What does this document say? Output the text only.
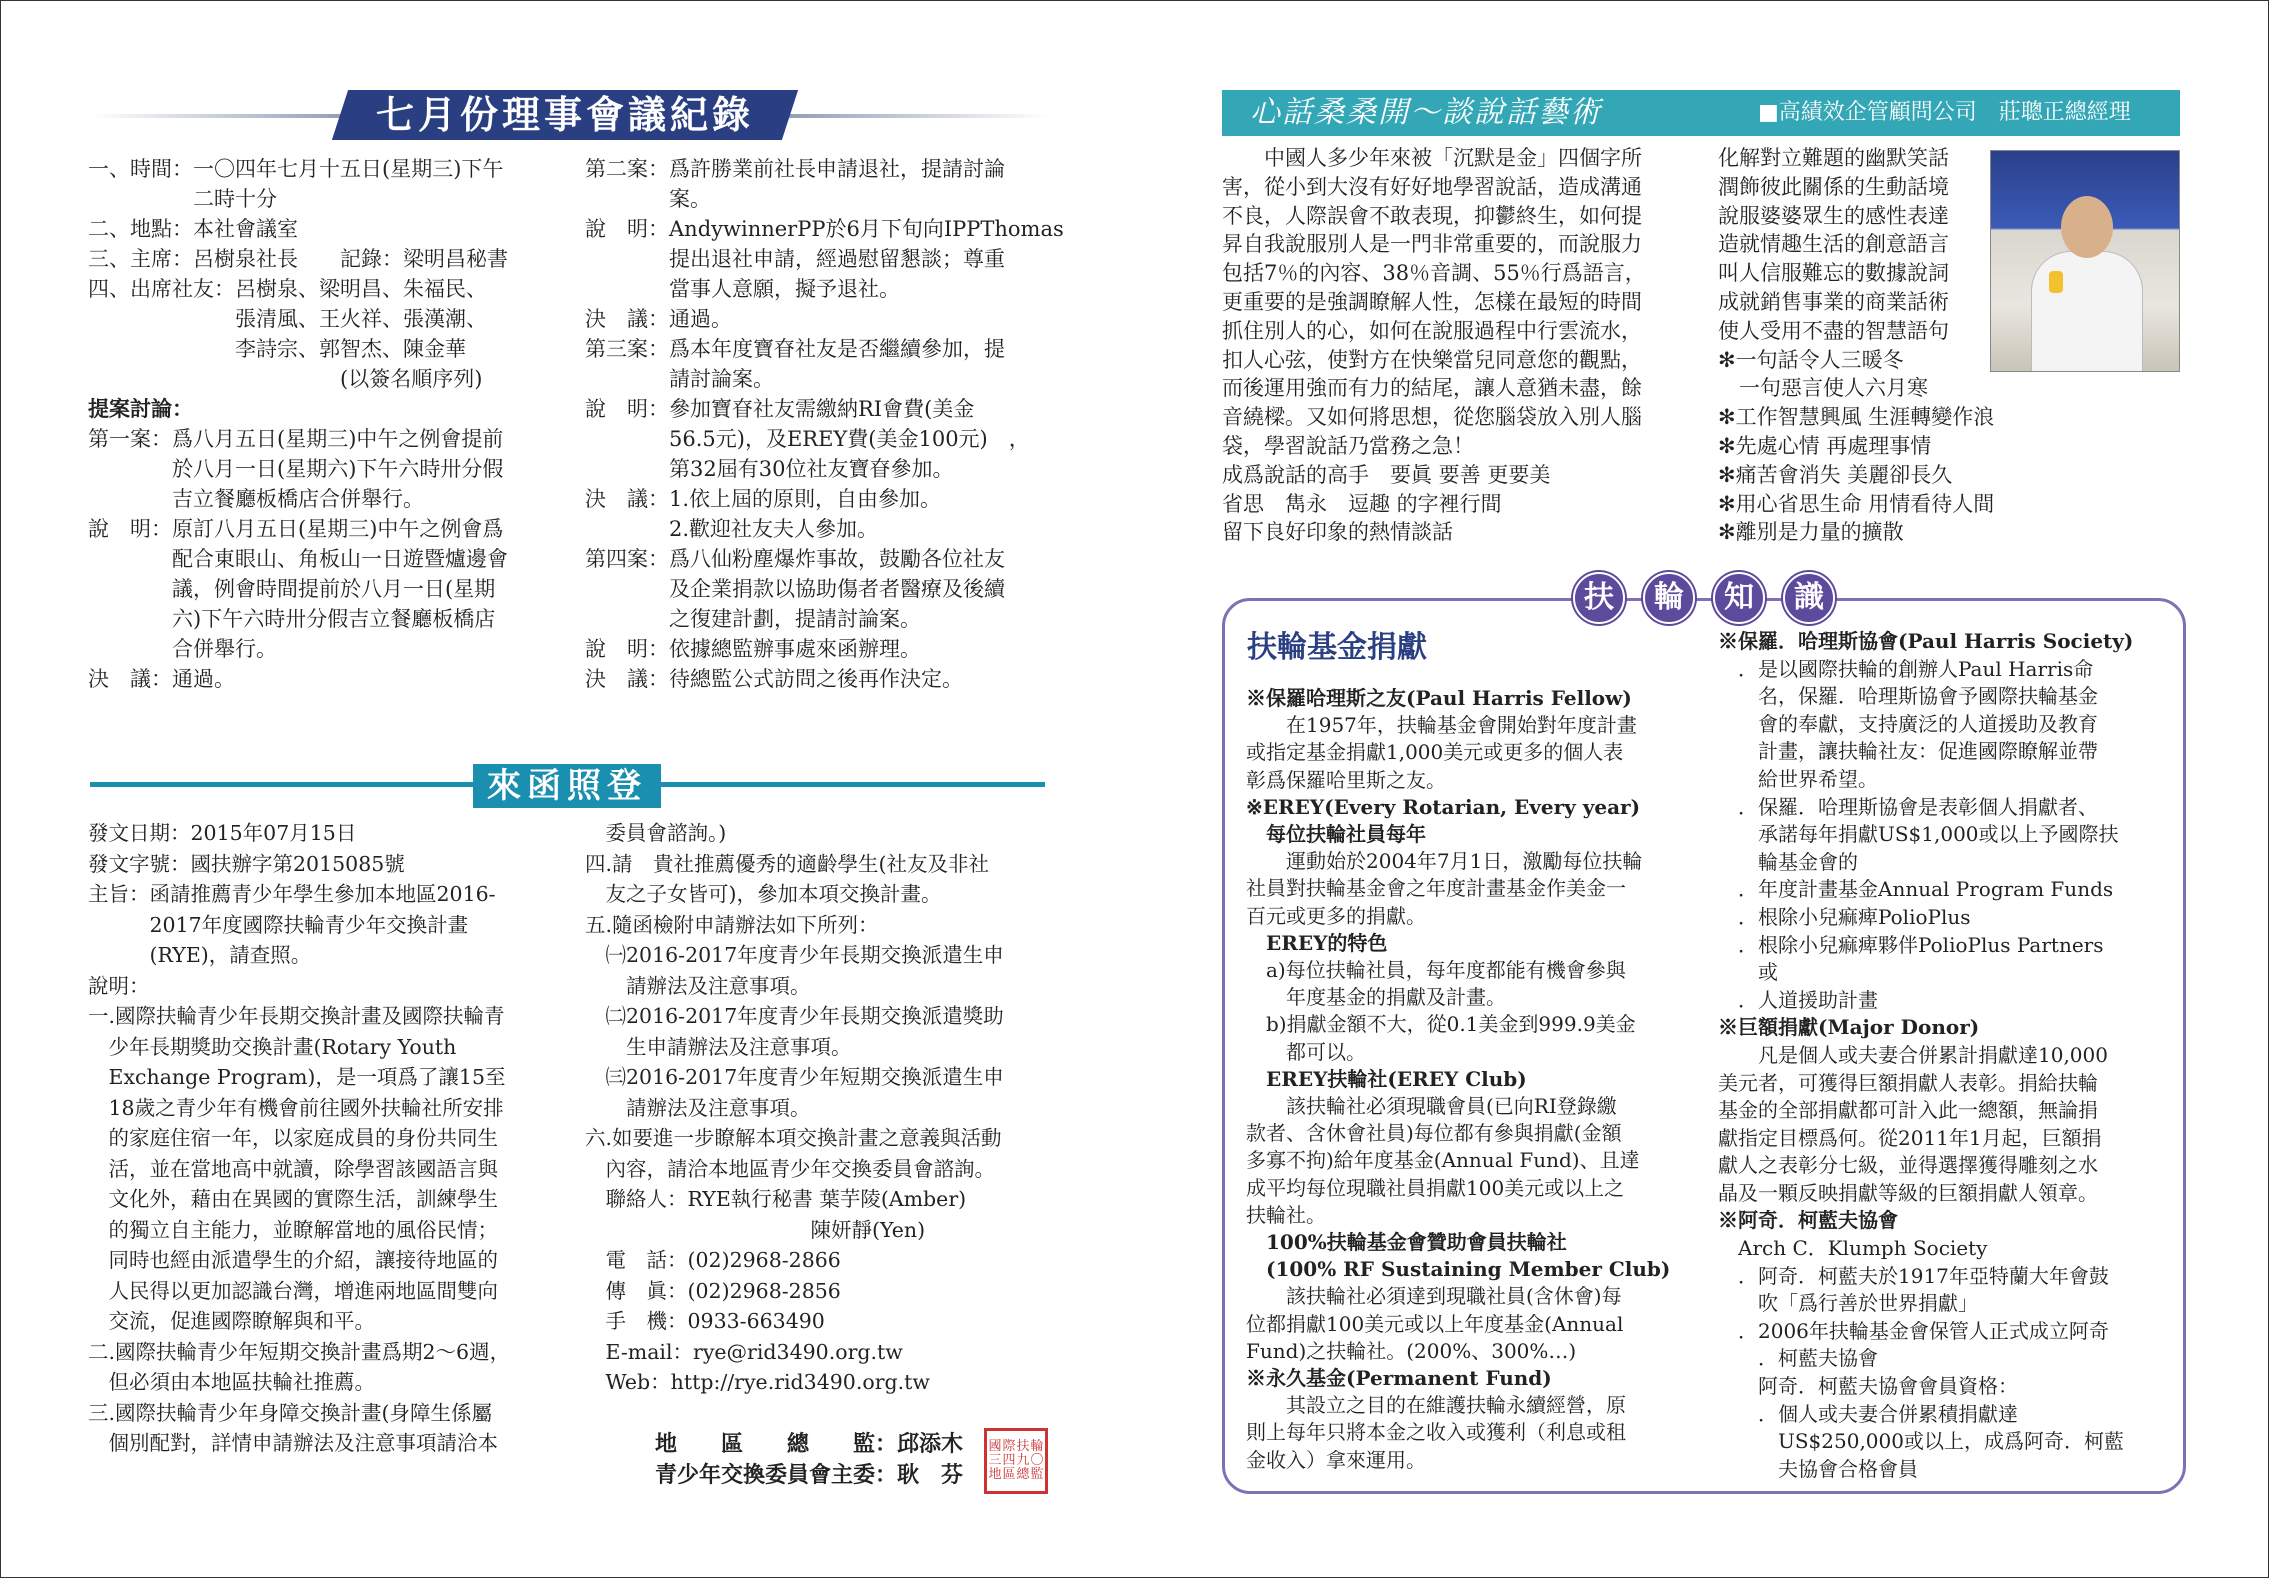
七月份理事會議紀錄
一、時間：一〇四年七月十五日(星期三)下午
　　　　　二時十分
二、地點：本社會議室
三、主席：呂樹泉社長　　記錄：梁明昌秘書
四、出席社友：呂樹泉、梁明昌、朱福民、
　　　　　　　張清風、王火祥、張漢潮、
　　　　　　　李詩宗、郭智杰、陳金華
　　　　　　　　　　　　(以簽名順序列)
提案討論：
第一案：爲八月五日(星期三)中午之例會提前
　　　　於八月一日(星期六)下午六時卅分假
　　　　吉立餐廳板橋店合併舉行。
說　明：原訂八月五日(星期三)中午之例會爲
　　　　配合東眼山、角板山一日遊暨爐邊會
　　　　議，例會時間提前於八月一日(星期
　　　　六)下午六時卅分假吉立餐廳板橋店
　　　　合併舉行。
決　議：通過。
第二案：爲許勝業前社長申請退社，提請討論
　　　　案。
說　明：AndywinnerPP於6月下旬向IPPThomas
　　　　提出退社申請，經過慰留懇談；尊重
　　　　當事人意願，擬予退社。
決　議：通過。
第三案：爲本年度寶眘社友是否繼續參加，提
　　　　請討論案。
說　明：參加寶眘社友需繳納RI會費(美金
　　　　56.5元)，及EREY費(美金100元)　，
　　　　第32屆有30位社友寶眘參加。
決　議：1.依上屆的原則，自由參加。
　　　　2.歡迎社友夫人參加。
第四案：爲八仙粉塵爆炸事故，鼓勵各位社友
　　　　及企業捐款以協助傷者者醫療及後續
　　　　之復建計劃，提請討論案。
說　明：依據總監辦事處來函辦理。
決　議：待總監公式訪問之後再作決定。
來函照登
發文日期：2015年07月15日
發文字號：國扶辦字第2015085號
主旨：函請推薦青少年學生參加本地區2016-
　　　2017年度國際扶輪青少年交換計畫
　　　(RYE)，請查照。
說明：
一.國際扶輪青少年長期交換計畫及國際扶輪青
　少年長期獎助交換計畫(Rotary Youth
　Exchange Program)，是一項爲了讓15至
　18歲之青少年有機會前往國外扶輪社所安排
　的家庭住宿一年，以家庭成員的身份共同生
　活，並在當地高中就讀，除學習該國語言與
　文化外，藉由在異國的實際生活，訓練學生
　的獨立自主能力，並瞭解當地的風俗民情；
　同時也經由派遣學生的介紹，讓接待地區的
　人民得以更加認識台灣，增進兩地區間雙向
　交流，促進國際瞭解與和平。
二.國際扶輪青少年短期交換計畫爲期2～6週，
　但必須由本地區扶輪社推薦。
三.國際扶輪青少年身障交換計畫(身障生係屬
　個別配對，詳情申請辦法及注意事項請洽本
　委員會諮詢。)
四.請　貴社推薦優秀的適齡學生(社友及非社
　友之子女皆可)，參加本項交換計畫。
五.隨函檢附申請辦法如下所列：
　㈠2016-2017年度青少年長期交換派遣生申
　　請辦法及注意事項。
　㈡2016-2017年度青少年長期交換派遣獎助
　　生申請辦法及注意事項。
　㈢2016-2017年度青少年短期交換派遣生申
　　請辦法及注意事項。
六.如要進一步瞭解本項交換計畫之意義與活動
　內容，請洽本地區青少年交換委員會諮詢。
　聯絡人：RYE執行秘書 葉芋陵(Amber)
　　　　　　　　　　　陳妍靜(Yen)
　電　話：(02)2968-2866
　傳　眞：(02)2968-2856
　手　機：0933-663490
　E-mail：rye@rid3490.org.tw
　Web：http://rye.rid3490.org.tw
地　　區　　總　　監：邱添木
青少年交換委員會主委：耿　芬
國 際 扶 輪
三 四 九 〇
地 區 總 監
心話桑桑開～談說話藝術	■高績效企管顧問公司　莊聰正總經理
　　中國人多少年來被「沉默是金」四個字所
害，從小到大沒有好好地學習說話，造成溝通
不良，人際誤會不敢表現，抑鬱終生，如何提
昇自我說服別人是一門非常重要的，而說服力
包括7％的內容、38％音調、55％行爲語言，
更重要的是強調瞭解人性，怎樣在最短的時間
抓住別人的心，如何在說服過程中行雲流水，
扣人心弦，使對方在快樂當兒同意您的觀點，
而後運用強而有力的結尾，讓人意猶未盡，餘
音繞樑。又如何將思想，從您腦袋放入別人腦
袋，學習說話乃當務之急！
成爲說話的高手　要眞 要善 更要美
省思　雋永　逗趣 的字裡行間
留下良好印象的熱情談話
化解對立難題的幽默笑話
潤飾彼此關係的生動話境
說服婆婆眾生的感性表達
造就情趣生活的創意語言
叫人信服難忘的數據說詞
成就銷售事業的商業話術
使人受用不盡的智慧語句
✻一句話令人三暖冬
　一句惡言使人六月寒
✻工作智慧興風 生涯轉變作浪
✻先處心情 再處理事情
✻痛苦會消失 美麗卻長久
✻用心省思生命 用情看待人間
✻離別是力量的擴散
扶	輪	知	識
扶輪基金捐獻
※保羅哈理斯之友(Paul Harris Fellow)
　　在1957年，扶輪基金會開始對年度計畫
或指定基金捐獻1,000美元或更多的個人表
彰爲保羅哈里斯之友。
※EREY(Every Rotarian, Every year)
　每位扶輪社員每年
　　運動始於2004年7月1日，激勵每位扶輪
社員對扶輪基金會之年度計畫基金作美金一
百元或更多的捐獻。
　EREY的特色
　a)每位扶輪社員，每年度都能有機會參與
　　年度基金的捐獻及計畫。
　b)捐獻金額不大，從0.1美金到999.9美金
　　都可以。
　EREY扶輪社(EREY Club)
　　該扶輪社必須現職會員(已向RI登錄繳
款者、含休會社員)每位都有參與捐獻(金額
多寡不拘)給年度基金(Annual Fund)、且達
成平均每位現職社員捐獻100美元或以上之
扶輪社。
　100%扶輪基金會贊助會員扶輪社
　(100% RF Sustaining Member Club)
　　該扶輪社必須達到現職社員(含休會)每
位都捐獻100美元或以上年度基金(Annual
Fund)之扶輪社。(200%、300%…)
※永久基金(Permanent Fund)
　　其設立之目的在維護扶輪永續經營，原
則上每年只將本金之收入或獲利（利息或租
金收入）拿來運用。
※保羅．哈理斯協會(Paul Harris Society)
　．是以國際扶輪的創辦人Paul Harris命
　　名，保羅．哈理斯協會予國際扶輪基金
　　會的奉獻，支持廣泛的人道援助及教育
　　計畫，讓扶輪社友：促進國際瞭解並帶
　　給世界希望。
　．保羅．哈理斯協會是表彰個人捐獻者、
　　承諾每年捐獻US$1,000或以上予國際扶
　　輪基金會的
　．年度計畫基金Annual Program Funds
　．根除小兒痲痺PolioPlus
　．根除小兒痲痺夥伴PolioPlus Partners
　　或
　．人道援助計畫
※巨額捐獻(Major Donor)
　　凡是個人或夫妻合併累計捐獻達10,000
美元者，可獲得巨額捐獻人表彰。捐給扶輪
基金的全部捐獻都可計入此一總額，無論捐
獻指定目標爲何。從2011年1月起，巨額捐
獻人之表彰分七級，並得選擇獲得雕刻之水
晶及一顆反映捐獻等級的巨額捐獻人領章。
※阿奇．柯藍夫協會
　Arch C．Klumph Society
　．阿奇．柯藍夫於1917年亞特蘭大年會鼓
　　吹「爲行善於世界捐獻」
　．2006年扶輪基金會保管人正式成立阿奇
　　．柯藍夫協會
　　阿奇．柯藍夫協會會員資格：
　　．個人或夫妻合併累積捐獻達
　　　US$250,000或以上，成爲阿奇．柯藍
　　　夫協會合格會員
